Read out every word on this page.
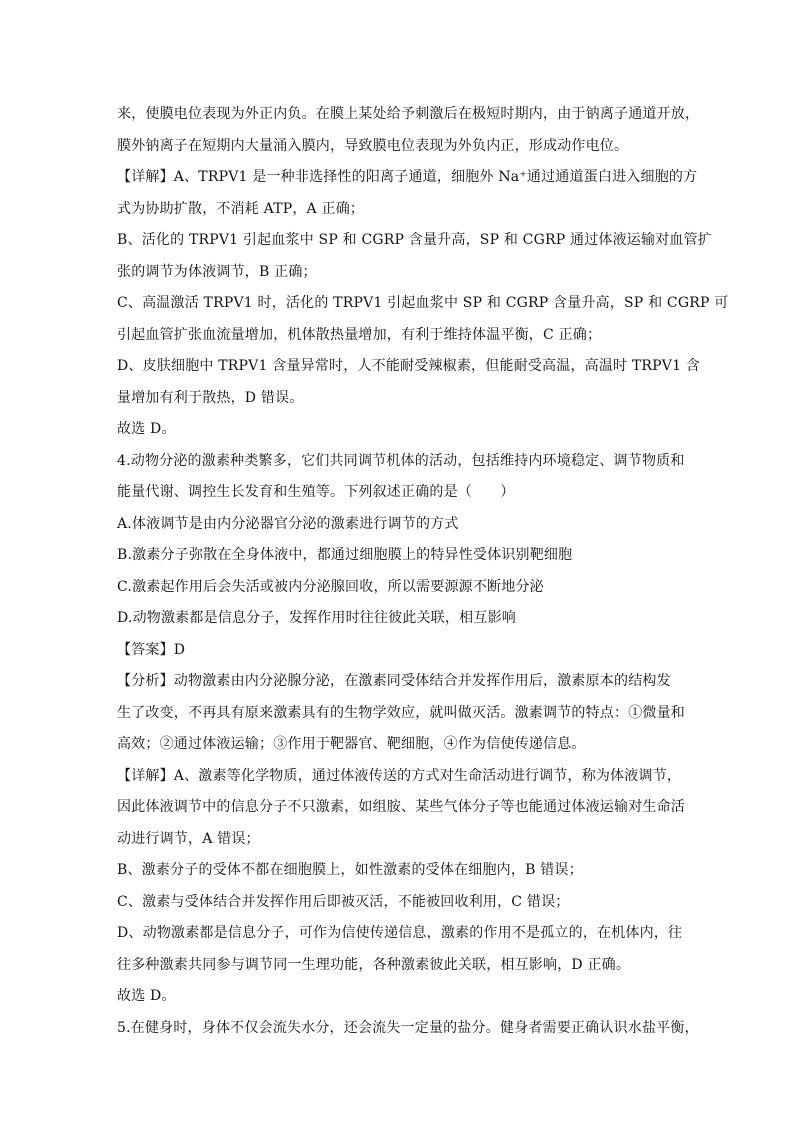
来，使膜电位表现为外正内负。在膜上某处给予刺激后在极短时期内，由于钠离子通道开放，
膜外钠离子在短期内大量涌入膜内，导致膜电位表现为外负内正，形成动作电位。
【详解】A、TRPV1 是一种非选择性的阳离子通道，细胞外 Na⁺通过通道蛋白进入细胞的方
式为协助扩散，不消耗 ATP，A 正确；
B、活化的 TRPV1 引起血浆中 SP 和 CGRP 含量升高，SP 和 CGRP 通过体液运输对血管扩
张的调节为体液调节，B 正确；
C、高温激活 TRPV1 时，活化的 TRPV1 引起血浆中 SP 和 CGRP 含量升高，SP 和 CGRP 可
引起血管扩张血流量增加，机体散热量增加，有利于维持体温平衡，C 正确；
D、皮肤细胞中 TRPV1 含量异常时，人不能耐受辣椒素，但能耐受高温，高温时 TRPV1 含
量增加有利于散热，D 错误。
故选 D。
4.动物分泌的激素种类繁多，它们共同调节机体的活动，包括维持内环境稳定、调节物质和
能量代谢、调控生长发育和生殖等。下列叙述正确的是（　　）
A.体液调节是由内分泌器官分泌的激素进行调节的方式
B.激素分子弥散在全身体液中，都通过细胞膜上的特异性受体识别靶细胞
C.激素起作用后会失活或被内分泌腺回收，所以需要源源不断地分泌
D.动物激素都是信息分子，发挥作用时往往彼此关联，相互影响
【答案】D
【分析】动物激素由内分泌腺分泌，在激素同受体结合并发挥作用后，激素原本的结构发
生了改变，不再具有原来激素具有的生物学效应，就叫做灭活。激素调节的特点：①微量和
高效；②通过体液运输；③作用于靶器官、靶细胞，④作为信使传递信息。
【详解】A、激素等化学物质，通过体液传送的方式对生命活动进行调节，称为体液调节，
因此体液调节中的信息分子不只激素，如组胺、某些气体分子等也能通过体液运输对生命活
动进行调节，A 错误；
B、激素分子的受体不都在细胞膜上，如性激素的受体在细胞内，B 错误；
C、激素与受体结合并发挥作用后即被灭活，不能被回收利用，C 错误；
D、动物激素都是信息分子，可作为信使传递信息，激素的作用不是孤立的，在机体内，往
往多种激素共同参与调节同一生理功能，各种激素彼此关联，相互影响，D 正确。
故选 D。
5.在健身时，身体不仅会流失水分，还会流失一定量的盐分。健身者需要正确认识水盐平衡，
